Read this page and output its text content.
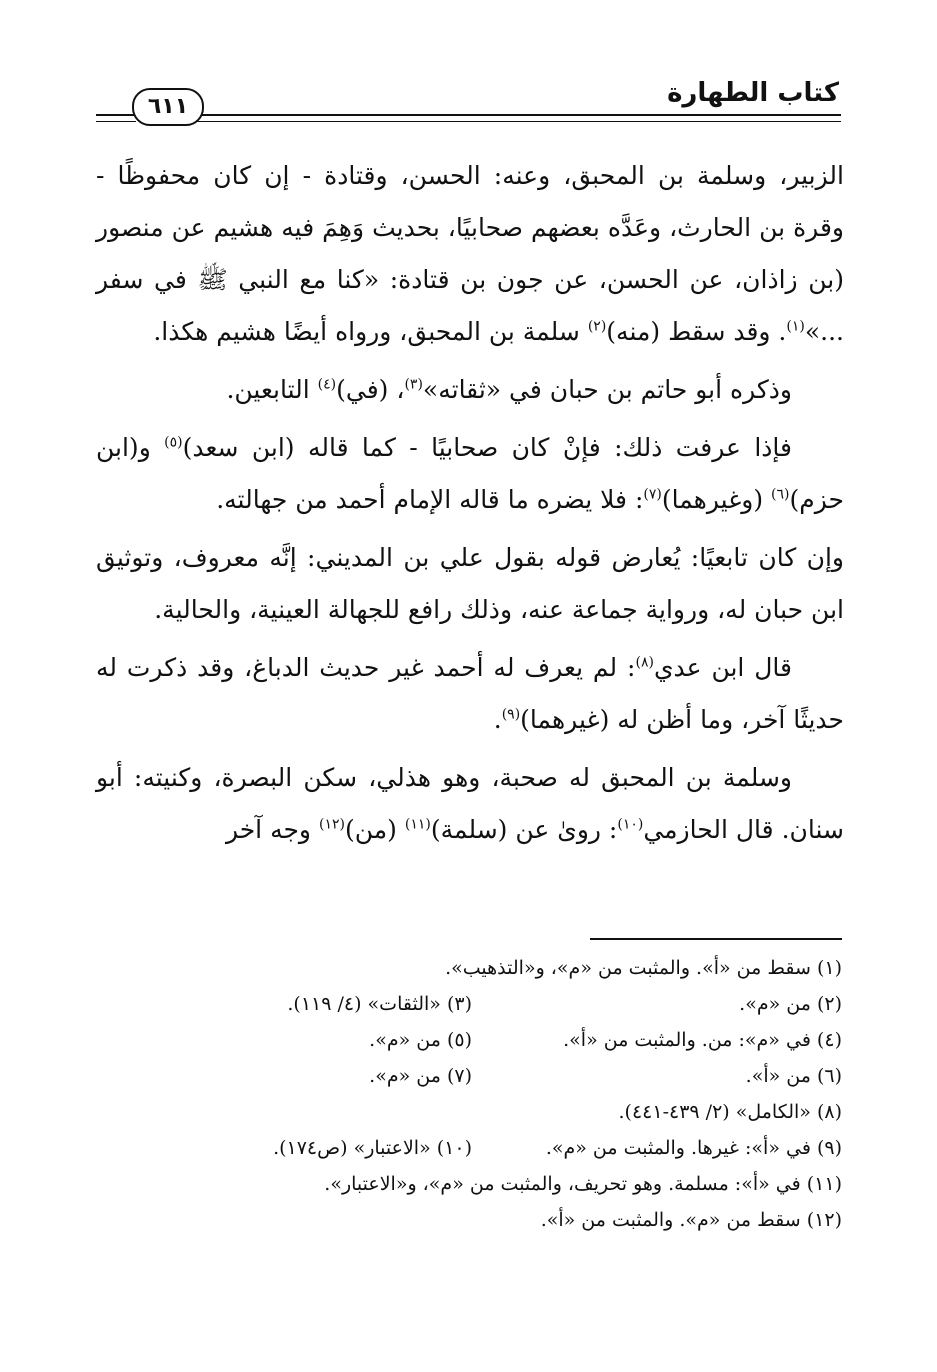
كتاب الطهارة
٦١١

الزبير، وسلمة بن المحبق، وعنه: الحسن، وقتادة - إن كان محفوظًا - وقرة بن الحارث، وعَدَّه بعضهم صحابيًا، بحديث وَهِمَ فيه هشيم عن منصور (بن زاذان، عن الحسن، عن جون بن قتادة: «كنا مع النبي ﷺ في سفر ...»$^{(١)}$. وقد سقط (منه)$^{(٢)}$ سلمة بن المحبق، ورواه أيضًا هشيم هكذا.

وذكره أبو حاتم بن حبان في «ثقاته»$^{(٣)}$، (في)$^{(٤)}$ التابعين.

فإذا عرفت ذلك: فإنْ كان صحابيًا - كما قاله (ابن سعد)$^{(٥)}$ و(ابن حزم)$^{(٦)}$ (وغيرهما)$^{(٧)}$: فلا يضره ما قاله الإمام أحمد من جهالته.

وإن كان تابعيًا: يُعارض قوله بقول علي بن المديني: إنَّه معروف، وتوثيق ابن حبان له، ورواية جماعة عنه، وذلك رافع للجهالة العينية، والحالية.

قال ابن عدي$^{(٨)}$: لم يعرف له أحمد غير حديث الدباغ، وقد ذكرت له حديثًا آخر، وما أظن له (غيرهما)$^{(٩)}$.

وسلمة بن المحبق له صحبة، وهو هذلي، سكن البصرة، وكنيته: أبو سنان. قال الحازمي$^{(١٠)}$: روىٰ عن (سلمة)$^{(١١)}$ (من)$^{(١٢)}$ وجه آخر

(١) سقط من «أ». والمثبت من «م»، و«التذهيب».
(٢) من «م».
(٣) «الثقات» (٤/ ١١٩).
(٤) في «م»: من. والمثبت من «أ».
(٥) من «م».
(٦) من «أ».
(٧) من «م».
(٨) «الكامل» (٢/ ٤٣٩-٤٤١).
(٩) في «أ»: غيرها. والمثبت من «م».
(١٠) «الاعتبار» (ص١٧٤).
(١١) في «أ»: مسلمة. وهو تحريف، والمثبت من «م»، و«الاعتبار».
(١٢) سقط من «م». والمثبت من «أ».
